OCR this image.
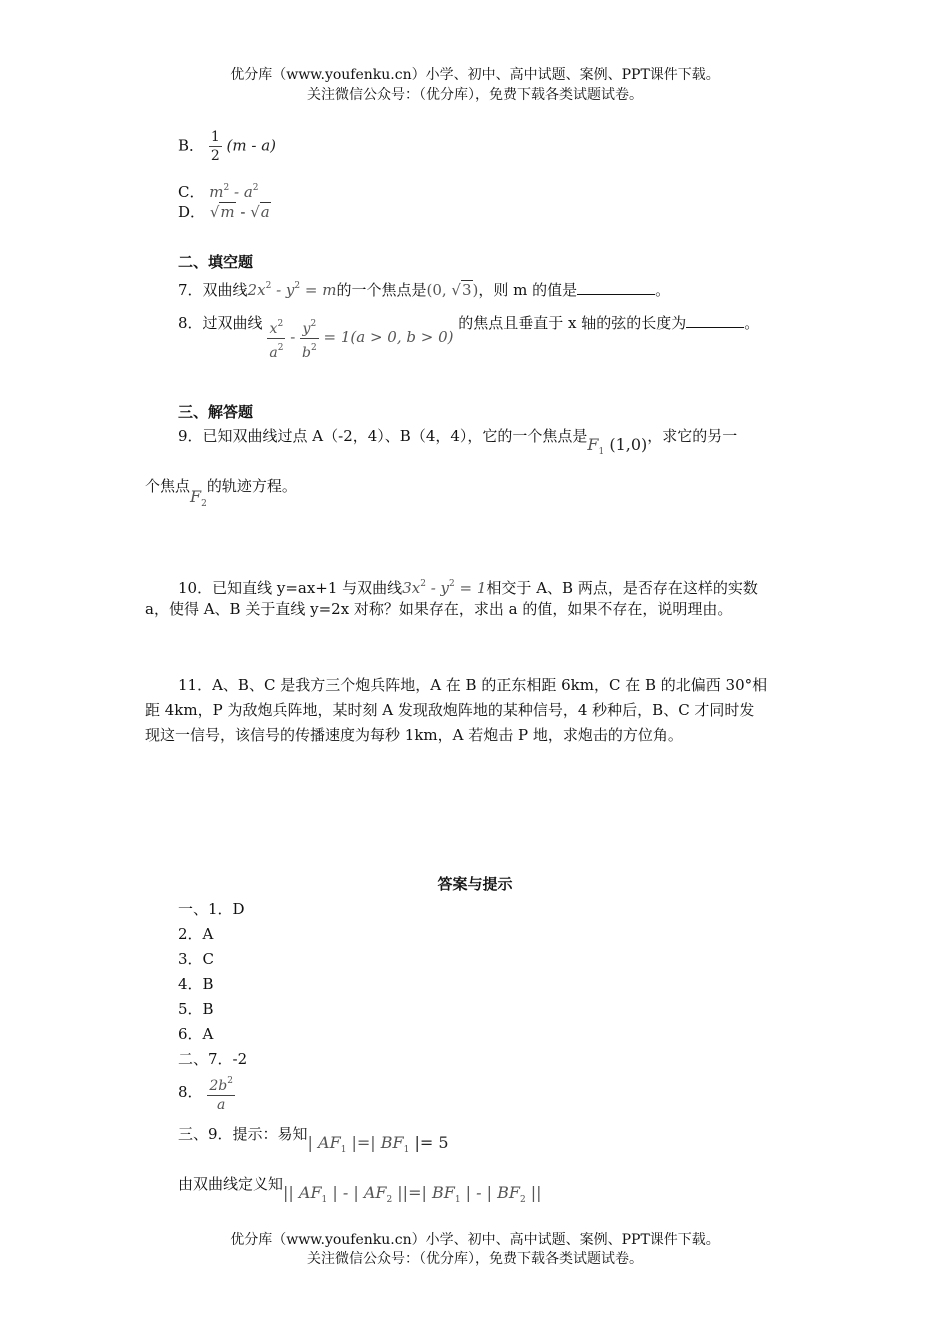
优分库（www.youfenku.cn）小学、初中、高中试题、案例、PPT课件下载。
关注微信公众号：（优分库），免费下载各类试题试卷。
B． $\frac{1}{2} (m - a)$
C． $m^2 - a^2$
D． √m - √a
二、填空题
7．双曲线$2x^2 - y^2 = m$的一个焦点是(0, √3)，则 m 的值是	。
8．过双曲线 $\frac{x^2}{a^2} - \frac{y^2}{b^2} = 1(a > 0$, b > 0) 的焦点且垂直于 x 轴的弦的长度为	。
三、解答题
9．已知双曲线过点 A（-2，4）、B（4，4），它的一个焦点是$F_1$ (1,0)，求它的另一
个焦点$F_2$的轨迹方程。
10．已知直线 y=ax+1 与双曲线$3x^2 - y^2 = 1$相交于 A、B 两点，是否存在这样的实数
a，使得 A、B 关于直线 y=2x 对称？如果存在，求出 a 的值，如果不存在，说明理由。
11．A、B、C 是我方三个炮兵阵地，A 在 B 的正东相距 6km，C 在 B 的北偏西 30°相
距 4km，P 为敌炮兵阵地，某时刻 A 发现敌炮阵地的某种信号，4 秒种后，B、C 才同时发
现这一信号，该信号的传播速度为每秒 1km，A 若炮击 P 地，求炮击的方位角。
答案与提示
一、1．D
2．A
3．C
4．B
5．B
6．A
二、7．-2
8． $\frac{2b^2}{a}$
三、9．提示：易知| $AF_1$ |=| $BF_1$ |= 5
由双曲线定义知|| $AF_1$ | - | $AF_2$ ||=| $BF_1$ | - | $BF_2$ ||
优分库（www.youfenku.cn）小学、初中、高中试题、案例、PPT课件下载。
关注微信公众号：（优分库），免费下载各类试题试卷。
